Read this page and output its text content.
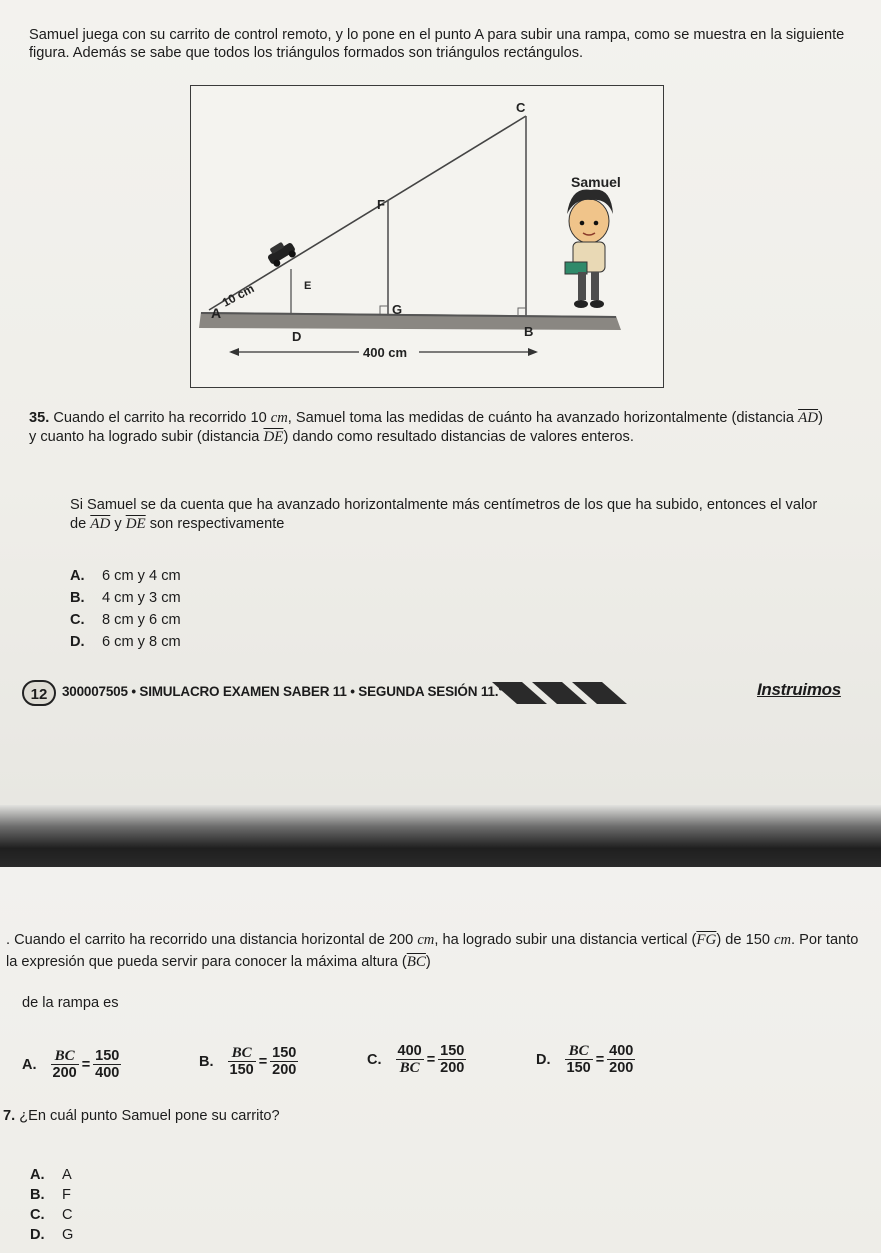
Samuel juega con su carrito de control remoto, y lo pone en el punto A para subir una rampa, como se muestra en la siguiente figura. Además se sabe que todos los triángulos formados son triángulos rectángulos.
C
Samuel
F
E
A
10 cm	G
D	B
400 cm
35. Cuando el carrito ha recorrido 10 cm, Samuel toma las medidas de cuánto ha avanzado horizontalmente (distancia $\overline{AD}$) y cuanto ha logrado subir (distancia $\overline{DE}$) dando como resultado distancias de valores enteros.
Si Samuel se da cuenta que ha avanzado horizontalmente más centímetros de los que ha subido, entonces el valor de $\overline{AD}$ y $\overline{DE}$ son respectivamente
A. 6 cm y 4 cm
B. 4 cm y 3 cm
C. 8 cm y 6 cm
D. 6 cm y 8 cm
12	300007505 • SIMULACRO EXAMEN SABER 11 • SEGUNDA SESIÓN 11.°	Instruimos
. Cuando el carrito ha recorrido una distancia horizontal de 200 cm, ha logrado subir una distancia vertical $(\overline{FG})$ de 150 cm. Por tanto la expresión que pueda servir para conocer la máxima altura $(\overline{BC})$
de la rampa es
A. $\frac{BC}{200} = \frac{150}{400}$	B. $\frac{BC}{150} = \frac{150}{200}$	C. $\frac{400}{BC} = \frac{150}{200}$	D. $\frac{BC}{150} = \frac{400}{200}$
7. ¿En cuál punto Samuel pone su carrito?
A. A
B. F
C. C
D. G
